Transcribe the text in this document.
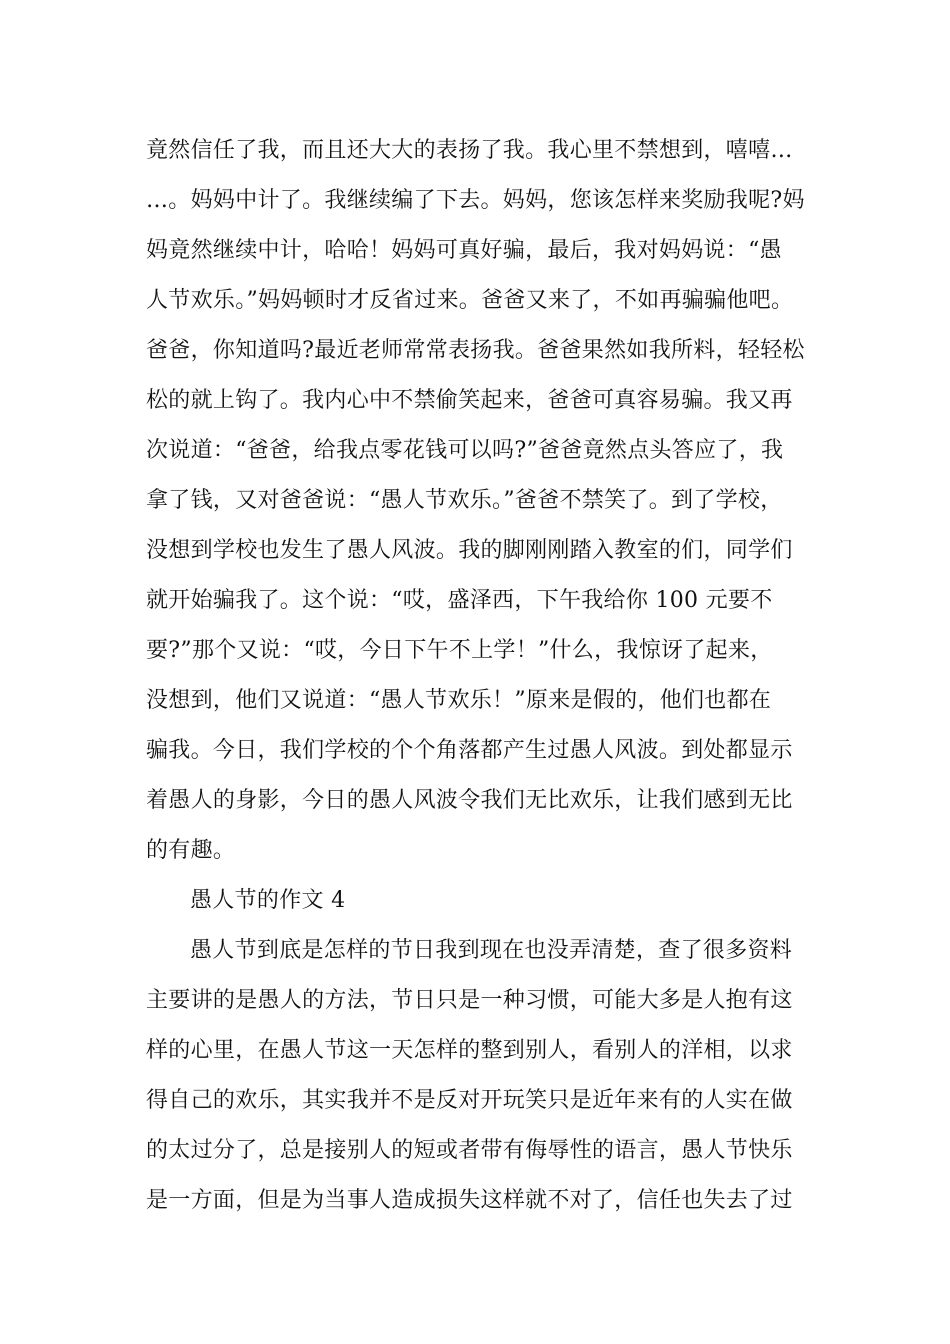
竟然信任了我，而且还大大的表扬了我。我心里不禁想到，嘻嘻…
…。妈妈中计了。我继续编了下去。妈妈，您该怎样来奖励我呢?妈
妈竟然继续中计，哈哈！妈妈可真好骗，最后，我对妈妈说：“愚
人节欢乐。”妈妈顿时才反省过来。爸爸又来了，不如再骗骗他吧。
爸爸，你知道吗?最近老师常常表扬我。爸爸果然如我所料，轻轻松
松的就上钩了。我内心中不禁偷笑起来，爸爸可真容易骗。我又再
次说道：“爸爸，给我点零花钱可以吗?”爸爸竟然点头答应了，我
拿了钱，又对爸爸说：“愚人节欢乐。”爸爸不禁笑了。到了学校，
没想到学校也发生了愚人风波。我的脚刚刚踏入教室的们，同学们
就开始骗我了。这个说：“哎，盛泽西，下午我给你 100 元要不
要?”那个又说：“哎，今日下午不上学！”什么，我惊讶了起来，
没想到，他们又说道：“愚人节欢乐！”原来是假的，他们也都在
骗我。今日，我们学校的个个角落都产生过愚人风波。到处都显示
着愚人的身影，今日的愚人风波令我们无比欢乐，让我们感到无比
的有趣。
愚人节的作文 4
愚人节到底是怎样的节日我到现在也没弄清楚，查了很多资料
主要讲的是愚人的方法，节日只是一种习惯，可能大多是人抱有这
样的心里，在愚人节这一天怎样的整到别人，看别人的洋相，以求
得自己的欢乐，其实我并不是反对开玩笑只是近年来有的人实在做
的太过分了，总是接别人的短或者带有侮辱性的语言，愚人节快乐
是一方面，但是为当事人造成损失这样就不对了，信任也失去了过
